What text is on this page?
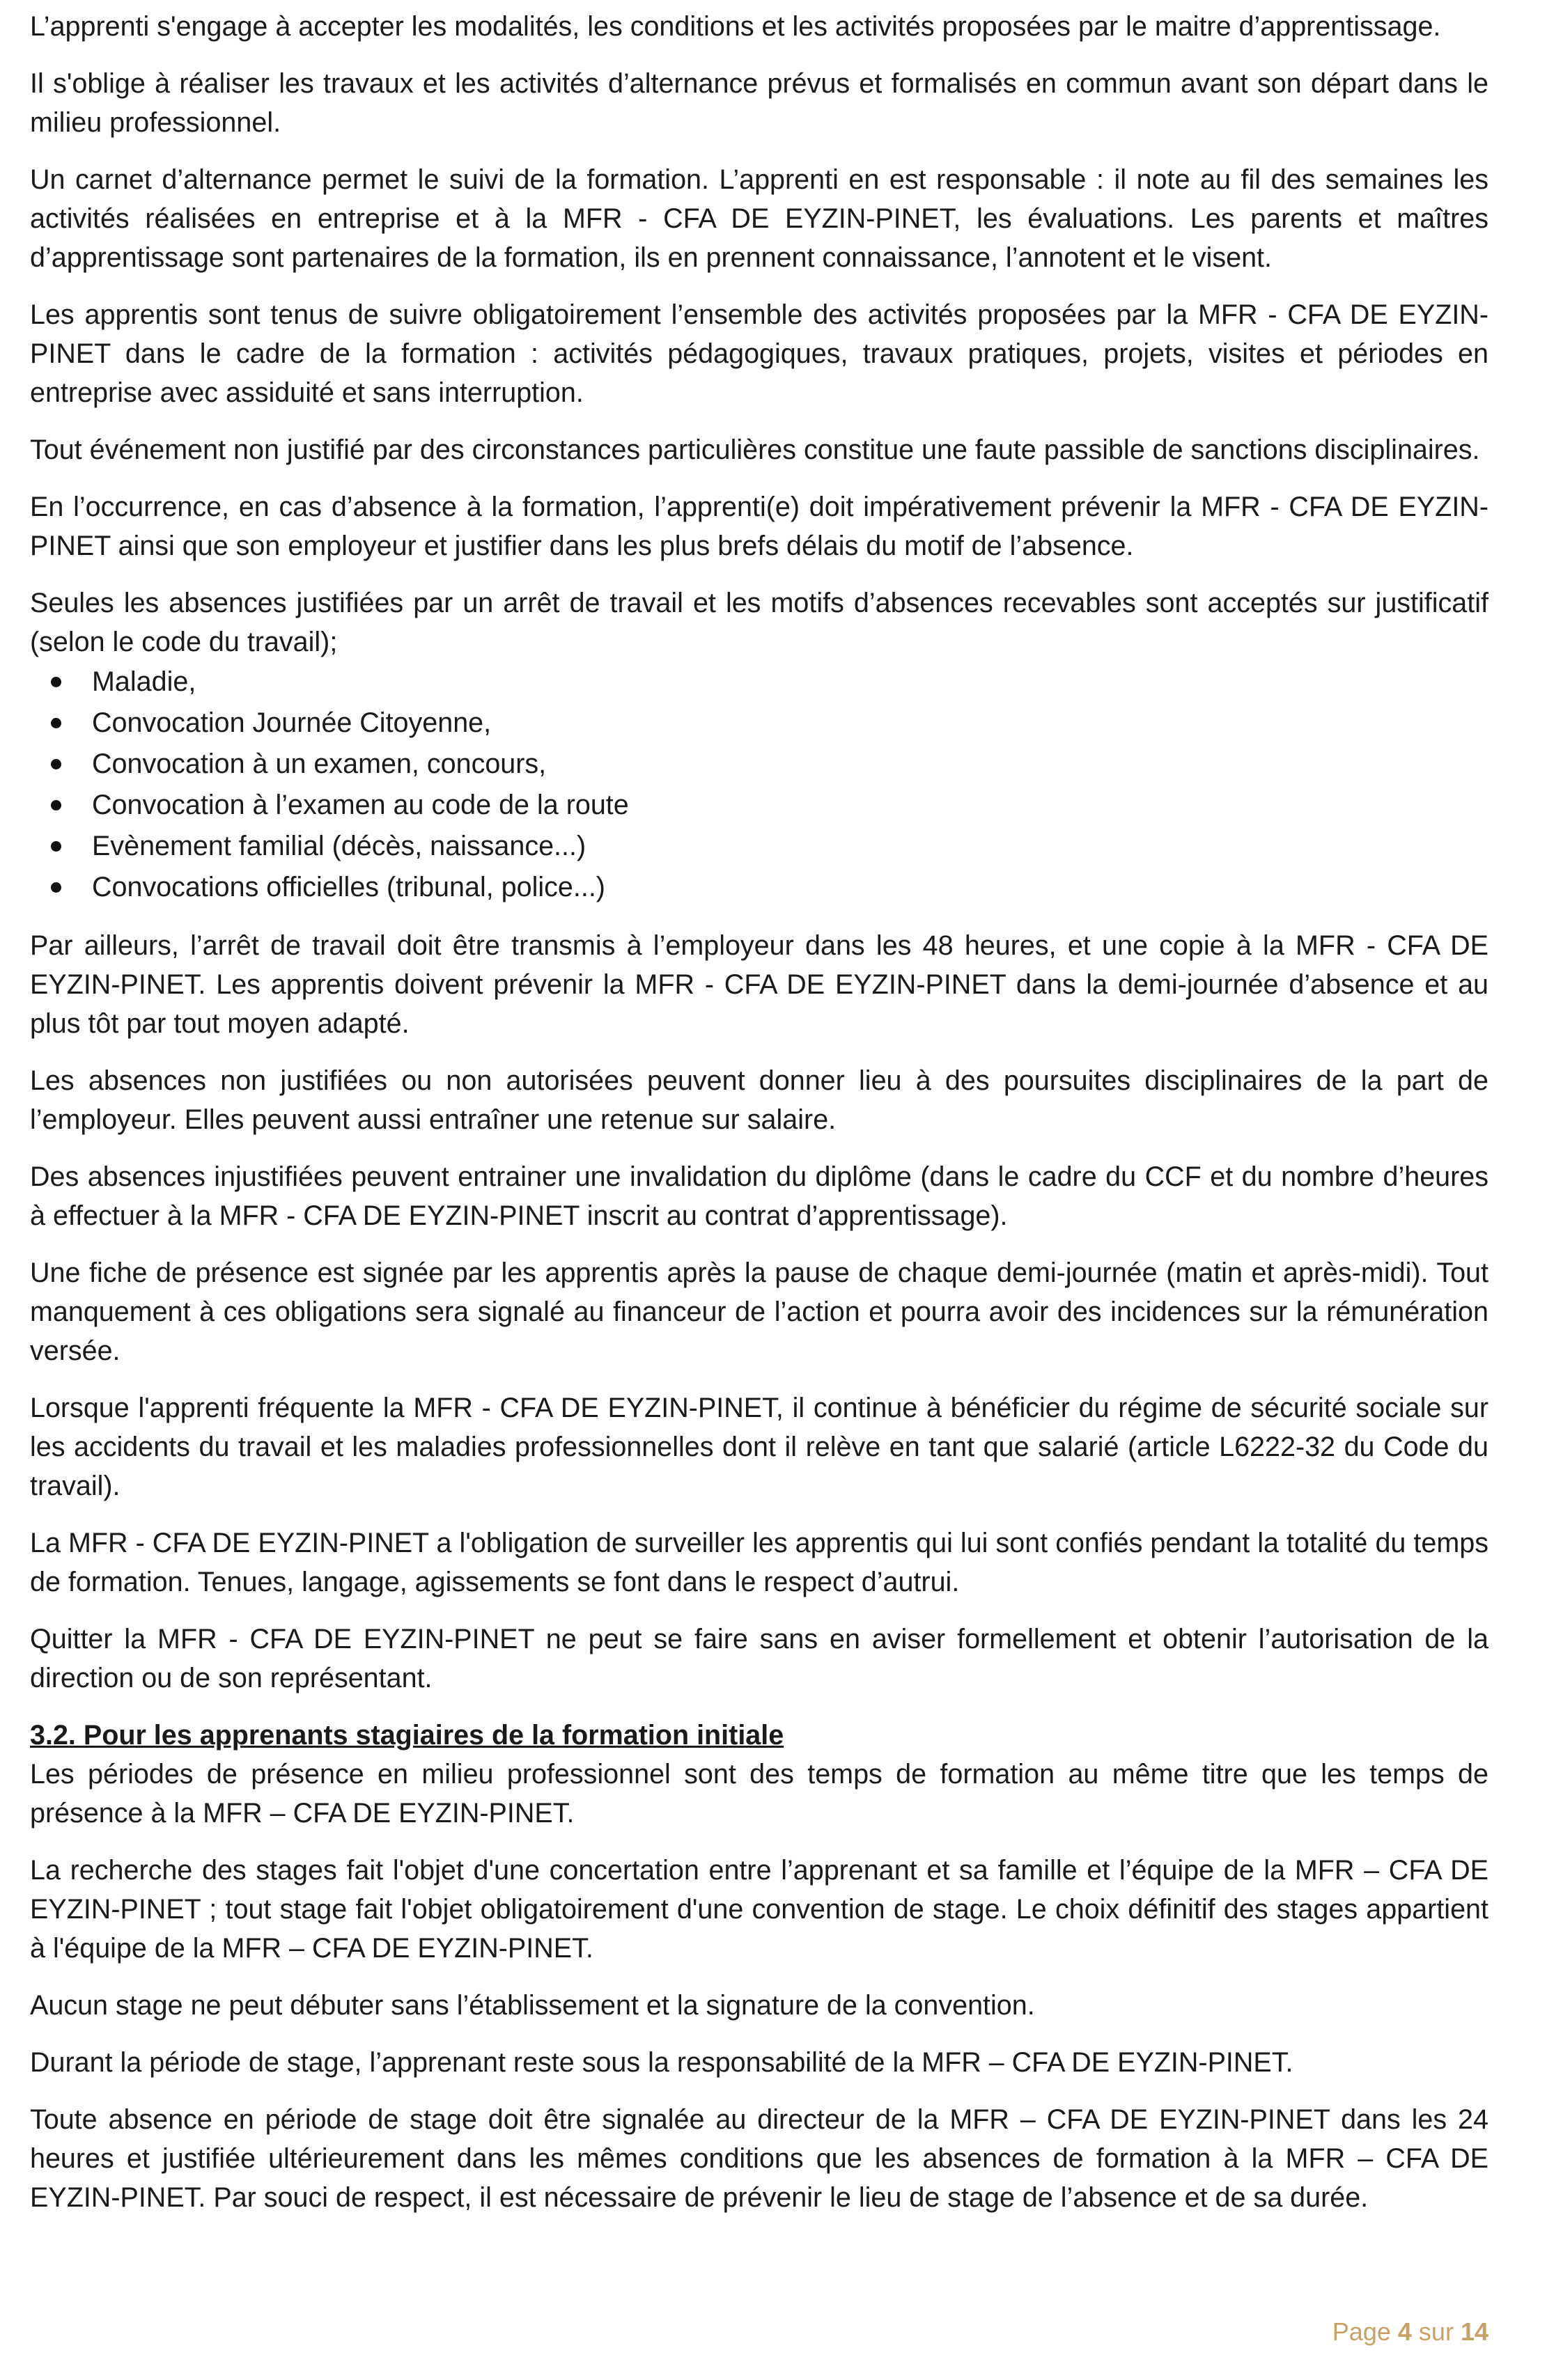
L’apprenti s'engage à accepter les modalités, les conditions et les activités proposées par le maitre d’apprentissage.

Il s'oblige à réaliser les travaux et les activités d’alternance prévus et formalisés en commun avant son départ dans le milieu professionnel.

Un carnet d’alternance permet le suivi de la formation. L’apprenti en est responsable : il note au fil des semaines les activités réalisées en entreprise et à la MFR - CFA DE EYZIN-PINET, les évaluations. Les parents et maîtres d’apprentissage sont partenaires de la formation, ils en prennent connaissance, l’annotent et le visent.

Les apprentis sont tenus de suivre obligatoirement l’ensemble des activités proposées par la MFR - CFA DE EYZIN-PINET dans le cadre de la formation : activités pédagogiques, travaux pratiques, projets, visites et périodes en entreprise avec assiduité et sans interruption.

Tout événement non justifié par des circonstances particulières constitue une faute passible de sanctions disciplinaires.

En l’occurrence, en cas d’absence à la formation, l’apprenti(e) doit impérativement prévenir la MFR - CFA DE EYZIN-PINET ainsi que son employeur et justifier dans les plus brefs délais du motif de l’absence.

Seules les absences justifiées par un arrêt de travail et les motifs d’absences recevables sont acceptés sur justificatif (selon le code du travail);

Maladie,
Convocation Journée Citoyenne,
Convocation à un examen, concours,
Convocation à l’examen au code de la route
Evènement familial (décès, naissance...)
Convocations officielles (tribunal, police...)

Par ailleurs, l’arrêt de travail doit être transmis à l’employeur dans les 48 heures, et une copie à la MFR - CFA DE EYZIN-PINET. Les apprentis doivent prévenir la MFR - CFA DE EYZIN-PINET dans la demi-journée d’absence et au plus tôt par tout moyen adapté.

Les absences non justifiées ou non autorisées peuvent donner lieu à des poursuites disciplinaires de la part de l’employeur. Elles peuvent aussi entraîner une retenue sur salaire.

Des absences injustifiées peuvent entrainer une invalidation du diplôme (dans le cadre du CCF et du nombre d’heures à effectuer à la MFR - CFA DE EYZIN-PINET inscrit au contrat d’apprentissage).

Une fiche de présence est signée par les apprentis après la pause de chaque demi-journée (matin et après-midi). Tout manquement à ces obligations sera signalé au financeur de l’action et pourra avoir des incidences sur la rémunération versée.

Lorsque l'apprenti fréquente la MFR - CFA DE EYZIN-PINET, il continue à bénéficier du régime de sécurité sociale sur les accidents du travail et les maladies professionnelles dont il relève en tant que salarié (article L6222-32 du Code du travail).

La MFR - CFA DE EYZIN-PINET a l'obligation de surveiller les apprentis qui lui sont confiés pendant la totalité du temps de formation. Tenues, langage, agissements se font dans le respect d’autrui.

Quitter la MFR - CFA DE EYZIN-PINET ne peut se faire sans en aviser formellement et obtenir l’autorisation de la direction ou de son représentant.

3.2. Pour les apprenants stagiaires de la formation initiale

Les périodes de présence en milieu professionnel sont des temps de formation au même titre que les temps de présence à la MFR – CFA DE EYZIN-PINET.

La recherche des stages fait l'objet d'une concertation entre l’apprenant et sa famille et l’équipe de la MFR – CFA DE EYZIN-PINET ; tout stage fait l'objet obligatoirement d'une convention de stage. Le choix définitif des stages appartient à l'équipe de la MFR – CFA DE EYZIN-PINET.

Aucun stage ne peut débuter sans l’établissement et la signature de la convention.

Durant la période de stage, l’apprenant reste sous la responsabilité de la MFR – CFA DE EYZIN-PINET.

Toute absence en période de stage doit être signalée au directeur de la MFR – CFA DE EYZIN-PINET dans les 24 heures et justifiée ultérieurement dans les mêmes conditions que les absences de formation à la MFR – CFA DE EYZIN-PINET. Par souci de respect, il est nécessaire de prévenir le lieu de stage de l’absence et de sa durée.

Page 4 sur 14
